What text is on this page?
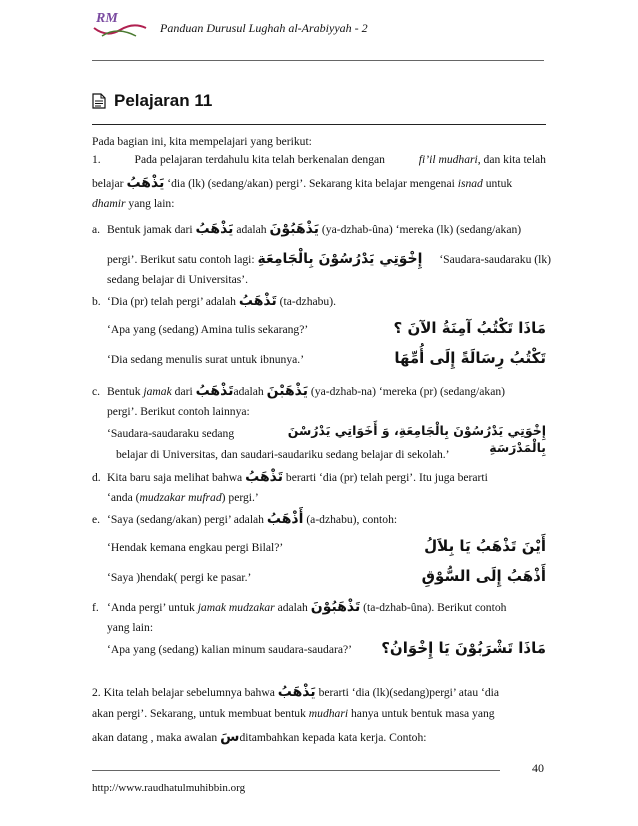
RM
Panduan Durusul Lughah al-Arabiyyah - 2
Pelajaran 11
Pada bagian ini, kita mempelajari yang berikut:
1.	Pada pelajaran terdahulu kita telah berkenalan dengan	fi’il mudhari, dan kita telah
belajar يَذْهَبُ ‘dia (lk) (sedang/akan) pergi’. Sekarang kita belajar mengenai isnad untuk
dhamir yang lain:
a. Bentuk jamak dari يَذْهَبُ adalah يَذْهَبُوْنَ (ya-dzhab-ûna) ‘mereka (lk) (sedang/akan)
pergi’. Berikut satu contoh lagi: إِخْوَتِي يَدْرُسُوْنَ بِالْجَامِعَةِ ‘Saudara-saudaraku (lk)
sedang belajar di Universitas’.
b. ‘Dia (pr) telah pergi’ adalah تَذْهَبُ (ta-dzhabu).
‘Apa yang (sedang) Amina tulis sekarang?’	مَاذَا تَكْتُبُ آمِنَةُ الآنَ ؟
‘Dia sedang menulis surat untuk ibnunya.’	تَكْتُبُ رِسَالَةً إِلَى أُمِّهَا
c. Bentuk jamak dari تَذْهَبُadalah يَذْهَبْنَ (ya-dzhab-na) ‘mereka (pr) (sedang/akan)
pergi’. Berikut contoh lainnya:
‘Saudara-saudaraku sedang	إِخْوَتِي يَدْرُسُوْنَ بِالْجَامِعَةِ، وَ أَخَوَاتِي يَدْرُسْنَ بِالْمَدْرَسَةِ
belajar di Universitas, dan saudari-saudariku sedang belajar di sekolah.’
d. Kita baru saja melihat bahwa تَذْهَبُ berarti ‘dia (pr) telah pergi’. Itu juga berarti
‘anda (mudzakar mufrad) pergi.’
e. ‘Saya (sedang/akan) pergi’ adalah أَذْهَبُ (a-dzhabu), contoh:
‘Hendak kemana engkau pergi Bilal?’	أَيْنَ تَذْهَبُ يَا بِلاَلُ
‘Saya )hendak( pergi ke pasar.’	أَذْهَبُ إِلَى السُّوْقِ
f. ‘Anda pergi’ untuk jamak mudzakar adalah تَذْهَبُوْنَ (ta-dzhab-ûna). Berikut contoh
yang lain:
‘Apa yang (sedang) kalian minum saudara-saudara?’ مَاذَا تَشْرَبُوْنَ يَا إِخْوَانُ؟
2. Kita telah belajar sebelumnya bahwa يَذْهَبُ berarti ‘dia (lk)(sedang)pergi’ atau ‘dia
akan pergi’. Sekarang, untuk membuat bentuk mudhari hanya untuk bentuk masa yang
akan datang , maka awalan سَditambahkan kepada kata kerja. Contoh:
40
http://www.raudhatulmuhibbin.org
